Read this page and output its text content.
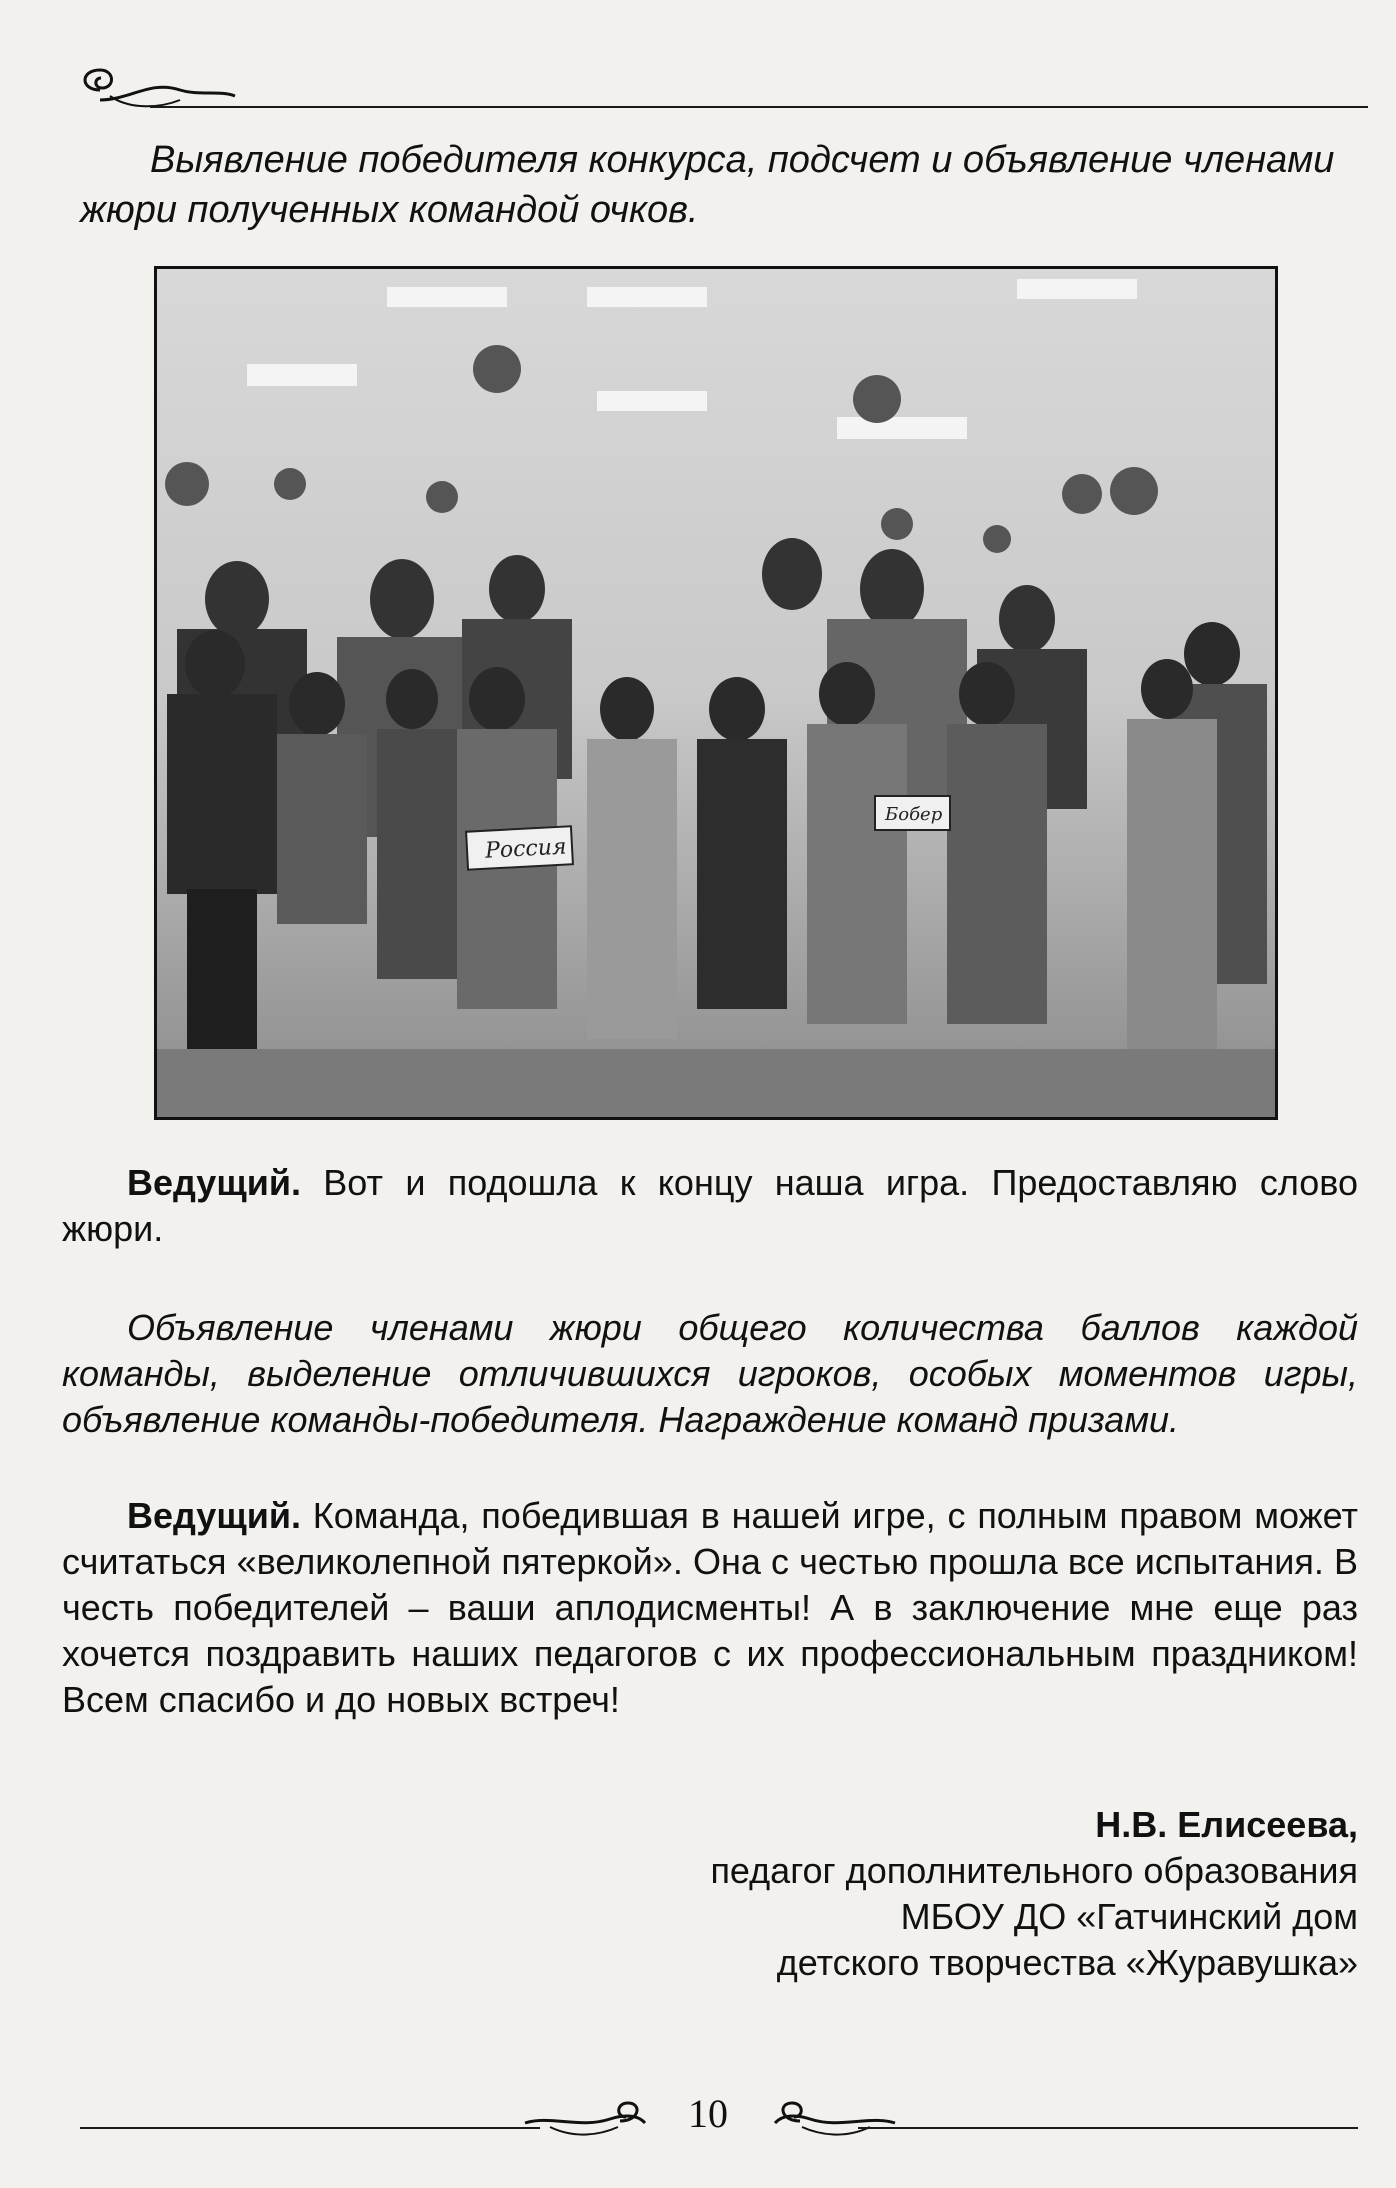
Выявление победителя конкурса, подсчет и объявление членами жюри полученных командой очков.

Россия
Бобер

Ведущий. Вот и подошла к концу наша игра. Предоставляю слово жюри.

Объявление членами жюри общего количества баллов каждой команды, выделение отличившихся игроков, особых моментов игры, объявление команды-победителя. Награждение команд призами.

Ведущий. Команда, победившая в нашей игре, с полным правом может считаться «великолепной пятеркой». Она с честью прошла все испытания. В честь победителей – ваши аплодисменты! А в заключение мне еще раз хочется поздравить наших педагогов с их профессиональным праздником! Всем спасибо и до новых встреч!

Н.В. Елисеева,
педагог дополнительного образования
МБОУ ДО «Гатчинский дом
детского творчества «Журавушка»
10
